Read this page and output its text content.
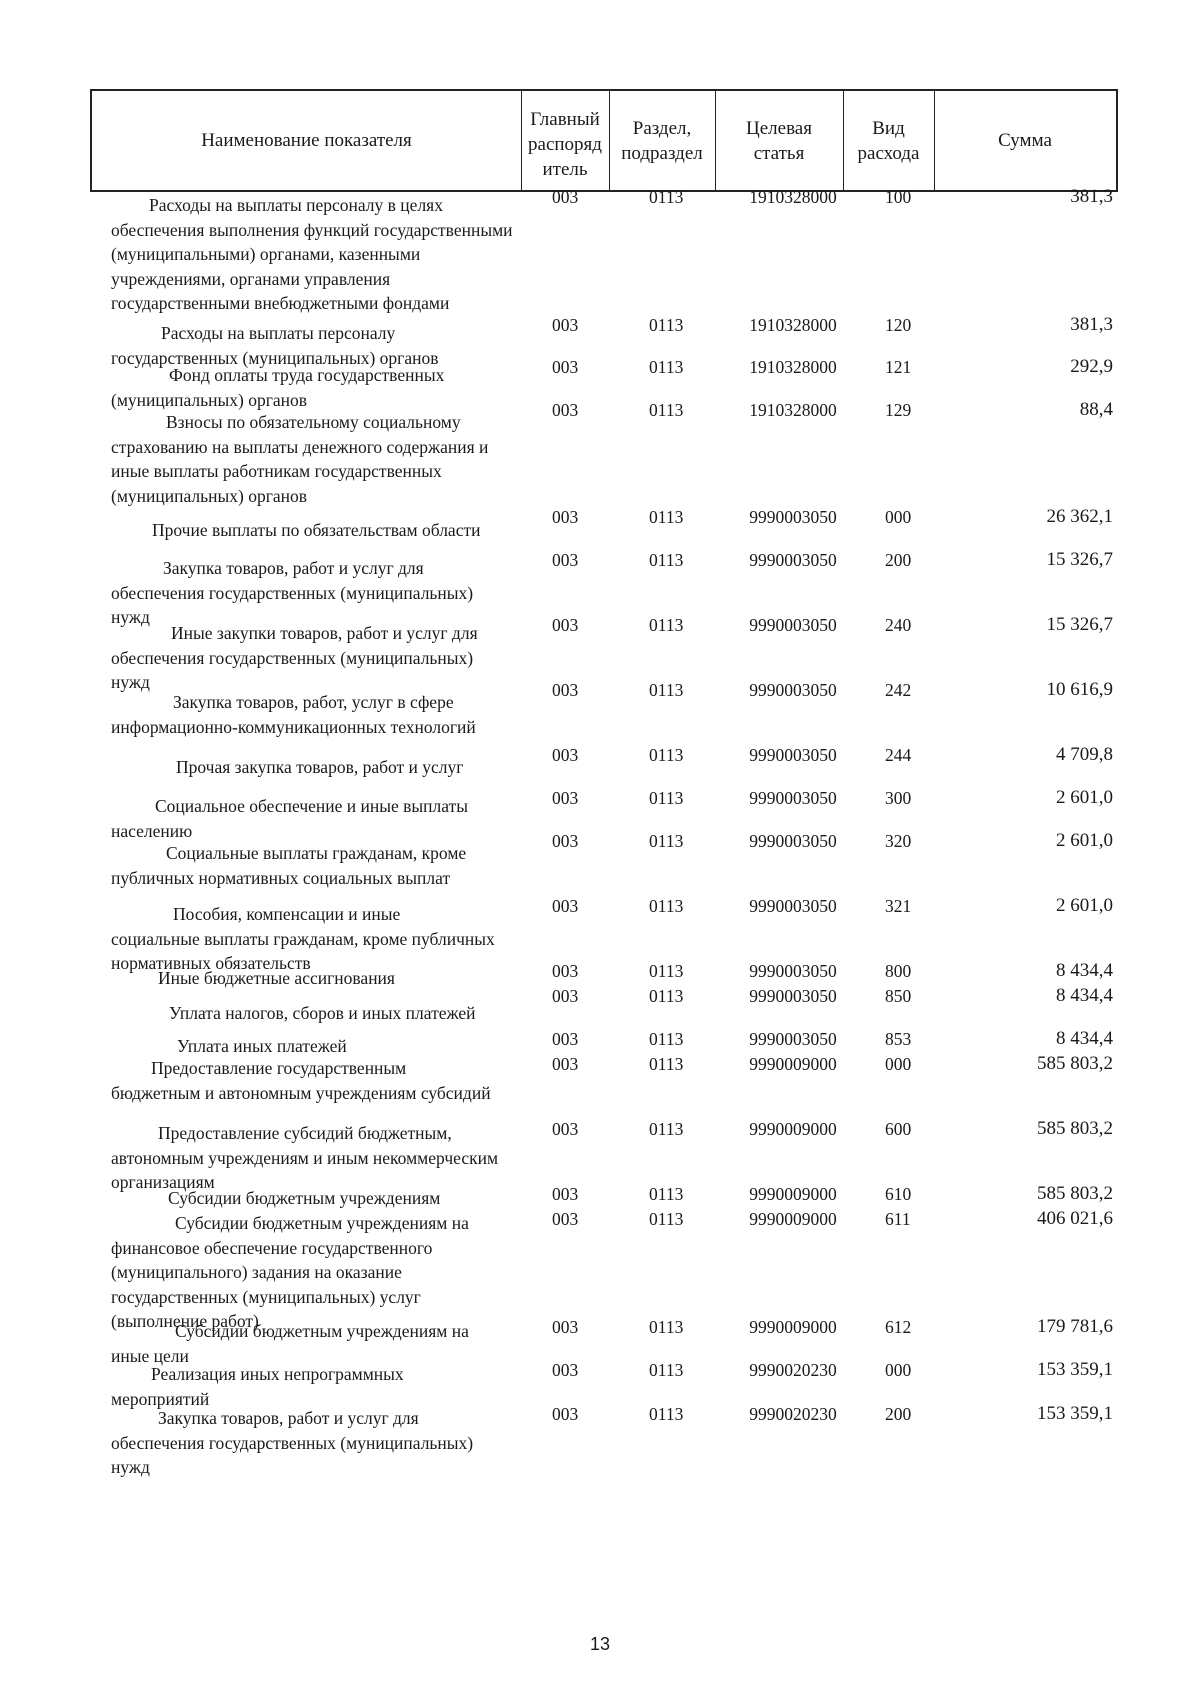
Наименование показателя
Главный распорядитель
Раздел, подраздел
Целевая статья
Вид расхода
Сумма
Расходы на выплаты персоналу в целях
обеспечения выполнения функций государственными (муниципальными) органами, казенными учреждениями, органами управления государственными внебюджетными фондами
003	0113	1910328000	100	381,3
Расходы на выплаты персоналу
государственных (муниципальных) органов
003	0113	1910328000	120	381,3
Фонд оплаты труда государственных
(муниципальных) органов
003	0113	1910328000	121	292,9
Взносы по обязательному социальному
страхованию на выплаты денежного содержания и иные выплаты работникам государственных (муниципальных) органов
003	0113	1910328000	129	88,4
Прочие выплаты по обязательствам области
003	0113	9990003050	000	26 362,1
Закупка товаров, работ и услуг для
обеспечения государственных (муниципальных) нужд
003	0113	9990003050	200	15 326,7
Иные закупки товаров, работ и услуг для
обеспечения государственных (муниципальных) нужд
003	0113	9990003050	240	15 326,7
Закупка товаров, работ, услуг в сфере
информационно-коммуникационных технологий
003	0113	9990003050	242	10 616,9
Прочая закупка товаров, работ и услуг
003	0113	9990003050	244	4 709,8
Социальное обеспечение и иные выплаты
населению
003	0113	9990003050	300	2 601,0
Социальные выплаты гражданам, кроме
публичных нормативных социальных выплат
003	0113	9990003050	320	2 601,0
Пособия, компенсации и иные
социальные выплаты гражданам, кроме публичных нормативных обязательств
003	0113	9990003050	321	2 601,0
Иные бюджетные ассигнования	003	0113	9990003050	800	8 434,4
Уплата налогов, сборов и иных платежей
003	0113	9990003050	850	8 434,4
Уплата иных платежей	003	0113	9990003050	853	8 434,4
Предоставление государственным
бюджетным и автономным учреждениям субсидий
003	0113	9990009000	000	585 803,2
Предоставление субсидий бюджетным,
автономным учреждениям и иным некоммерческим организациям
003	0113	9990009000	600	585 803,2
Субсидии бюджетным учреждениям	003	0113	9990009000	610	585 803,2
Субсидии бюджетным учреждениям на
финансовое обеспечение государственного (муниципального) задания на оказание государственных (муниципальных) услуг (выполнение работ)
003	0113	9990009000	611	406 021,6
Субсидии бюджетным учреждениям на
иные цели
003	0113	9990009000	612	179 781,6
Реализация иных непрограммных
мероприятий
003	0113	9990020230	000	153 359,1
Закупка товаров, работ и услуг для
обеспечения государственных (муниципальных) нужд
003	0113	9990020230	200	153 359,1
13
